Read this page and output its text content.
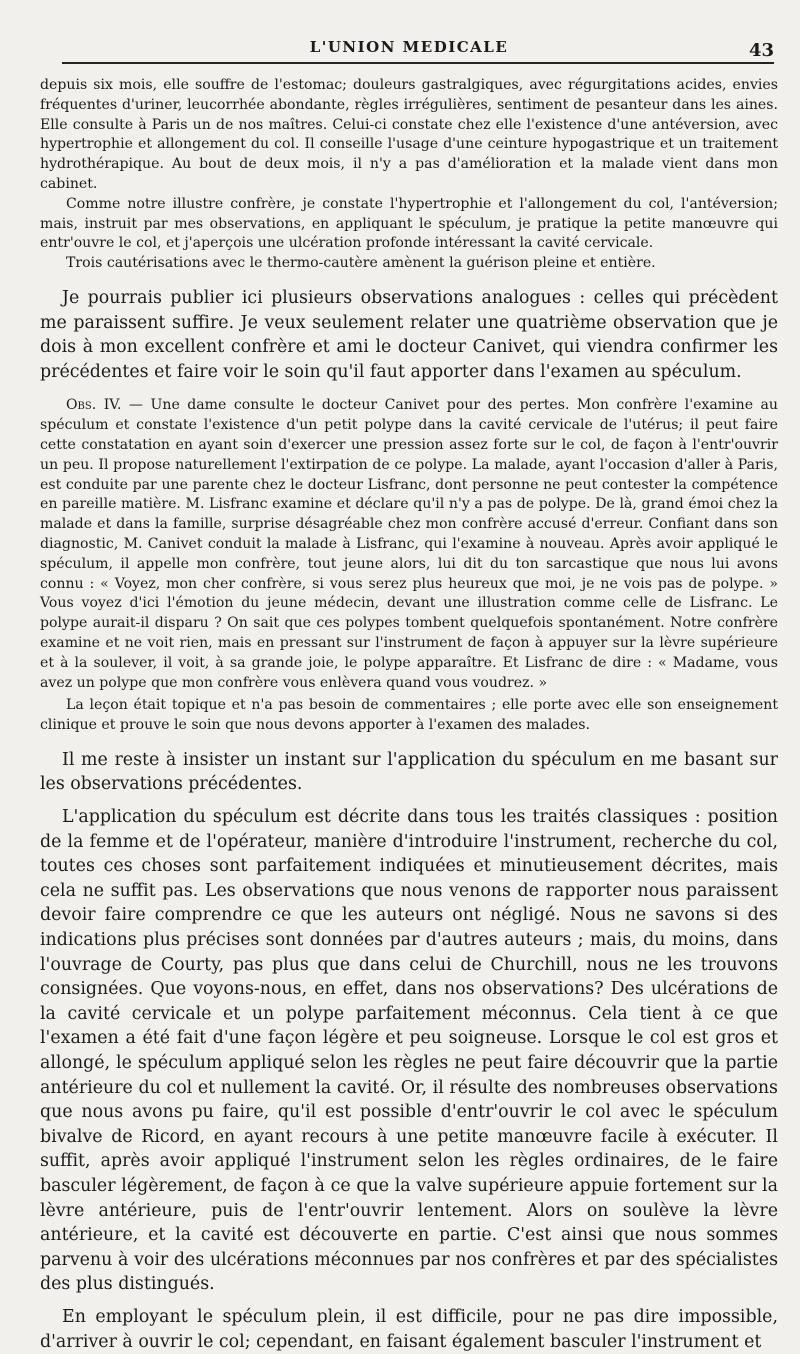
L'UNION MEDICALE	43

depuis six mois, elle souffre de l'estomac; douleurs gastralgiques, avec régurgitations acides, envies fréquentes d'uriner, leucorrhée abondante, règles irrégulières, sentiment de pesanteur dans les aines. Elle consulte à Paris un de nos maîtres. Celui-ci constate chez elle l'existence d'une antéversion, avec hypertrophie et allongement du col. Il conseille l'usage d'une ceinture hypogastrique et un traitement hydrothérapique. Au bout de deux mois, il n'y a pas d'amélioration et la malade vient dans mon cabinet.

Comme notre illustre confrère, je constate l'hypertrophie et l'allongement du col, l'antéversion; mais, instruit par mes observations, en appliquant le spéculum, je pratique la petite manœuvre qui entr'ouvre le col, et j'aperçois une ulcération profonde intéressant la cavité cervicale.

Trois cautérisations avec le thermo-cautère amènent la guérison pleine et entière.

Je pourrais publier ici plusieurs observations analogues : celles qui précèdent me paraissent suffire. Je veux seulement relater une quatrième observation que je dois à mon excellent confrère et ami le docteur Canivet, qui viendra confirmer les précédentes et faire voir le soin qu'il faut apporter dans l'examen au spéculum.

Obs. IV. — Une dame consulte le docteur Canivet pour des pertes. Mon confrère l'examine au spéculum et constate l'existence d'un petit polype dans la cavité cervicale de l'utérus; il peut faire cette constatation en ayant soin d'exercer une pression assez forte sur le col, de façon à l'entr'ouvrir un peu. Il propose naturellement l'extirpation de ce polype. La malade, ayant l'occasion d'aller à Paris, est conduite par une parente chez le docteur Lisfranc, dont personne ne peut contester la compétence en pareille matière. M. Lisfranc examine et déclare qu'il n'y a pas de polype. De là, grand émoi chez la malade et dans la famille, surprise désagréable chez mon confrère accusé d'erreur. Confiant dans son diagnostic, M. Canivet conduit la malade à Lisfranc, qui l'examine à nouveau. Après avoir appliqué le spéculum, il appelle mon confrère, tout jeune alors, lui dit du ton sarcastique que nous lui avons connu : « Voyez, mon cher confrère, si vous serez plus heureux que moi, je ne vois pas de polype. » Vous voyez d'ici l'émotion du jeune médecin, devant une illustration comme celle de Lisfranc. Le polype aurait-il disparu ? On sait que ces polypes tombent quelquefois spontanément. Notre confrère examine et ne voit rien, mais en pressant sur l'instrument de façon à appuyer sur la lèvre supérieure et à la soulever, il voit, à sa grande joie, le polype apparaître. Et Lisfranc de dire : « Madame, vous avez un polype que mon confrère vous enlèvera quand vous voudrez. »

La leçon était topique et n'a pas besoin de commentaires ; elle porte avec elle son enseignement clinique et prouve le soin que nous devons apporter à l'examen des malades.

Il me reste à insister un instant sur l'application du spéculum en me basant sur les observations précédentes.

L'application du spéculum est décrite dans tous les traités classiques : position de la femme et de l'opérateur, manière d'introduire l'instrument, recherche du col, toutes ces choses sont parfaitement indiquées et minutieusement décrites, mais cela ne suffit pas. Les observations que nous venons de rapporter nous paraissent devoir faire comprendre ce que les auteurs ont négligé. Nous ne savons si des indications plus précises sont données par d'autres auteurs ; mais, du moins, dans l'ouvrage de Courty, pas plus que dans celui de Churchill, nous ne les trouvons consignées. Que voyons-nous, en effet, dans nos observations? Des ulcérations de la cavité cervicale et un polype parfaitement méconnus. Cela tient à ce que l'examen a été fait d'une façon légère et peu soigneuse. Lorsque le col est gros et allongé, le spéculum appliqué selon les règles ne peut faire découvrir que la partie antérieure du col et nullement la cavité. Or, il résulte des nombreuses observations que nous avons pu faire, qu'il est possible d'entr'ouvrir le col avec le spéculum bivalve de Ricord, en ayant recours à une petite manœuvre facile à exécuter. Il suffit, après avoir appliqué l'instrument selon les règles ordinaires, de le faire basculer légèrement, de façon à ce que la valve supérieure appuie fortement sur la lèvre antérieure, puis de l'entr'ouvrir lentement. Alors on soulève la lèvre antérieure, et la cavité est découverte en partie. C'est ainsi que nous sommes parvenu à voir des ulcérations méconnues par nos confrères et par des spécialistes des plus distingués.

En employant le spéculum plein, il est difficile, pour ne pas dire impossible, d'arriver à ouvrir le col; cependant, en faisant également basculer l'instrument et
